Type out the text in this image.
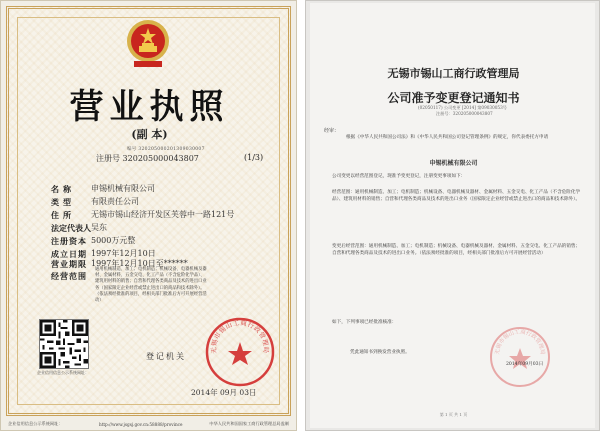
营业执照
(副 本)
编号 320205000201309030007
注册号 320205000043807	(1/3)
名称	申锡机械有限公司
类型	有限责任公司
住所	无锡市锡山经济开发区芙蓉中一路121号
法定代表人 吴东
注册资本 5000万元整
成立日期 1997年12月10日
营业期限 1997年12月10日至******
经营范围
通用机械制造、加工；电机制造；机械设备、电器机械及器材、金属材料、五金交电、化工产品（不含危险化学品）、建筑用材料的销售；自营和代理各类商品及技术的进出口业务（国家限定企业经营或禁止进出口的商品和技术除外）。（依法须经批准的项目，经相关部门批准后方可开展经营活动）
企业信用信息公示系统网址：
登记机关
无锡市锡山工商行政管理局
2014年 09月 03日
企业信用信息公示系统网址：	http://www.jsgsj.gov.cn:58888/province	中华人民共和国国家工商行政管理总局监制
无锡市锡山工商行政管理局
公司准予变更登记通知书
(02050117) 公司变更 [2014] 第09030053号
注册号：320205000043807
经审：
根据《中华人民共和国公司法》和《中华人民共和国公司登记管理条例》的规定，你代表委托方申请
申锡机械有限公司
公司变更以经营范围登记，现准予变更登记，注册变更事项如下：
经营范围：通用机械制造、加工；电机制造；机械设备、电器机械及器材、金属材料、五金交电、化工产品（不含危险化学品）、建筑用材料的销售；自营和代理各类商品及技术的进出口业务（国家限定企业经营或禁止进出口的商品和技术除外）。
变更后经营范围：通用机械制造、加工；电机制造；机械设备、电器机械及器材、金属材料、五金交电、化工产品的销售；自营和代理各类商品及技术的进出口业务。（依法须经批准的项目，经相关部门批准后方可开展经营活动）
如下，下列事项已经批准核准：
凭此通知书到换发营业执照。	无锡市锡山工商行政管理局
2014年09月03日
第 1 页 共 1 页
